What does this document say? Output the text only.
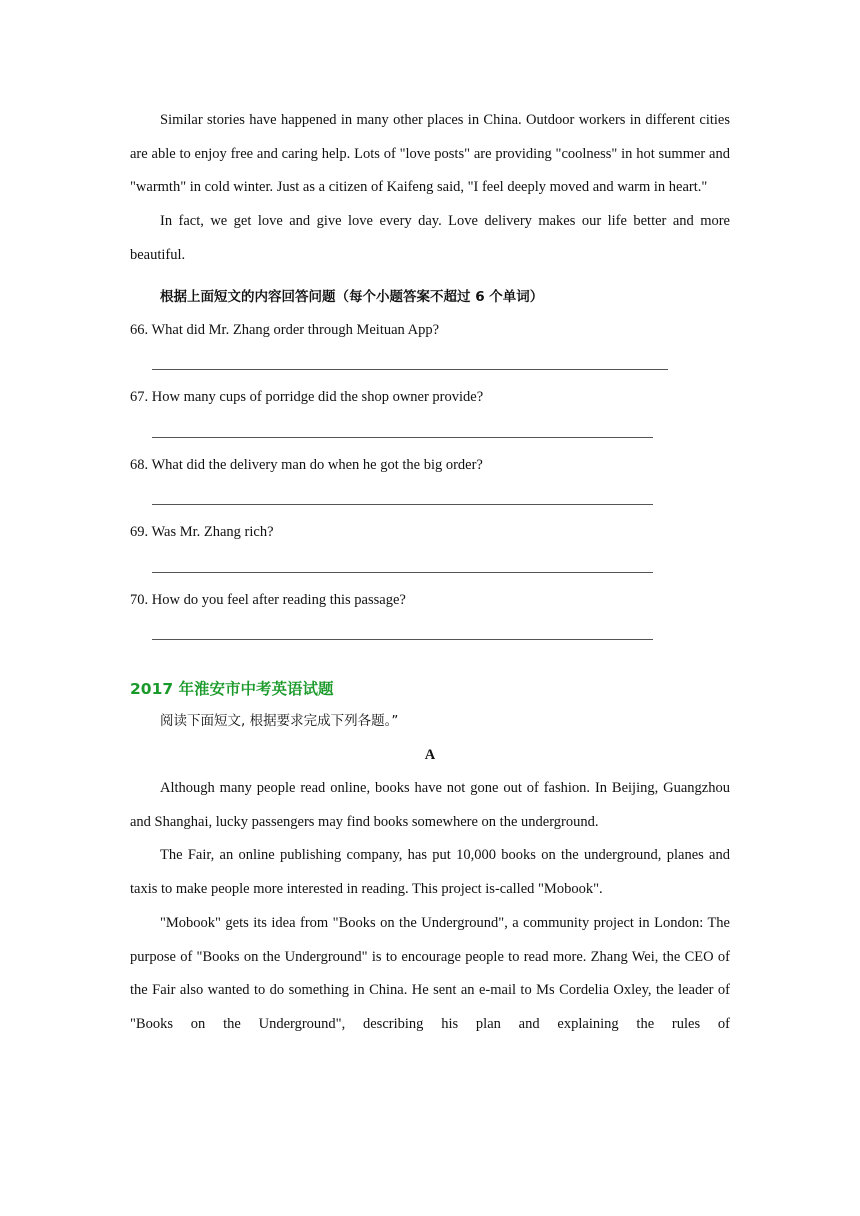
Similar stories have happened in many other places in China. Outdoor workers in different cities are able to enjoy free and caring help. Lots of "love posts" are providing "coolness" in hot summer and "warmth" in cold winter. Just as a citizen of Kaifeng said, "I feel deeply moved and warm in heart."

In fact, we get love and give love every day. Love delivery makes our life better and more beautiful.

根据上面短文的内容回答问题（每个小题答案不超过 6 个单词）

66. What did Mr. Zhang order through Meituan App?

67. How many cups of porridge did the shop owner provide?

68. What did the delivery man do when he got the big order?

69. Was Mr. Zhang rich?

70. How do you feel after reading this passage?

2017 年淮安市中考英语试题

阅读下面短文, 根据要求完成下列各题。”

A

Although many people read online, books have not gone out of fashion. In Beijing, Guangzhou and Shanghai, lucky passengers may find books somewhere on the underground.

The Fair, an online publishing company, has put 10,000 books on the underground, planes and taxis to make people more interested in reading. This project is-called "Mobook".

"Mobook" gets its idea from "Books on the Underground", a community project in London: The purpose of "Books on the Underground" is to encourage people to read more. Zhang Wei, the CEO of the Fair also wanted to do something in China. He sent an e-mail to Ms Cordelia Oxley, the leader of "Books on the Underground", describing his plan and explaining the rules of
